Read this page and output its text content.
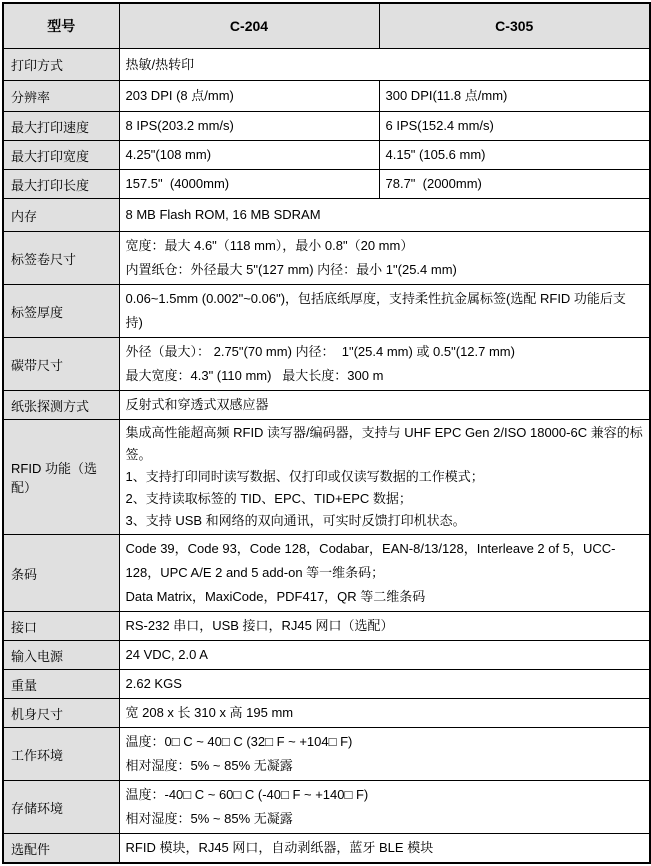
型号	C-204	C-305
打印方式	热敏/热转印	

分辨率	203 DPI (8 点/mm)	300 DPI(11.8 点/mm)

最大打印速度	8 IPS(203.2 mm/s)	6 IPS(152.4 mm/s)

最大打印宽度	4.25"(108 mm)	4.15" (105.6 mm)

最大打印长度	157.5"  (4000mm)	78.7"  (2000mm)

内存	8 MB Flash ROM, 16 MB SDRAM	

标签卷尺寸	宽度：最大 4.6"（118 mm），最小 0.8"（20 mm）
内置纸仓：外径最大 5"(127 mm) 内径：最小 1"(25.4 mm)	

标签厚度	0.06~1.5mm (0.002"~0.06")，包括底纸厚度，支持柔性抗金属标签(选配 RFID 功能后支持)	

碳带尺寸	外径（最大）： 2.75"(70 mm) 内径：  1"(25.4 mm) 或 0.5"(12.7 mm)
最大宽度：4.3" (110 mm)   最大长度：300 m	

纸张探测方式	反射式和穿透式双感应器	

RFID 功能（选配）	集成高性能超高频 RFID 读写器/编码器，支持与 UHF EPC Gen 2/ISO 18000-6C 兼容的标签。
1、支持打印同时读写数据、仅打印或仅读写数据的工作模式；
2、支持读取标签的 TID、EPC、TID+EPC 数据；
3、支持 USB 和网络的双向通讯，可实时反馈打印机状态。	

条码	Code 39，Code 93，Code 128，Codabar，EAN-8/13/128，Interleave 2 of 5，UCC-128，UPC A/E 2 and 5 add-on 等一维条码；
Data Matrix，MaxiCode，PDF417，QR 等二维条码	

接口	RS-232 串口，USB 接口，RJ45 网口（选配）	

输入电源	24 VDC, 2.0 A	

重量	2.62 KGS	

机身尺寸	宽 208 x 长 310 x 高 195 mm	

工作环境	温度：0□ C ~ 40□ C (32□ F ~ +104□ F)
相对湿度：5% ~ 85% 无凝露	

存储环境	温度：-40□ C ~ 60□ C (-40□ F ~ +140□ F)
相对湿度：5% ~ 85% 无凝露	

选配件	RFID 模块，RJ45 网口，自动剥纸器，蓝牙 BLE 模块	
